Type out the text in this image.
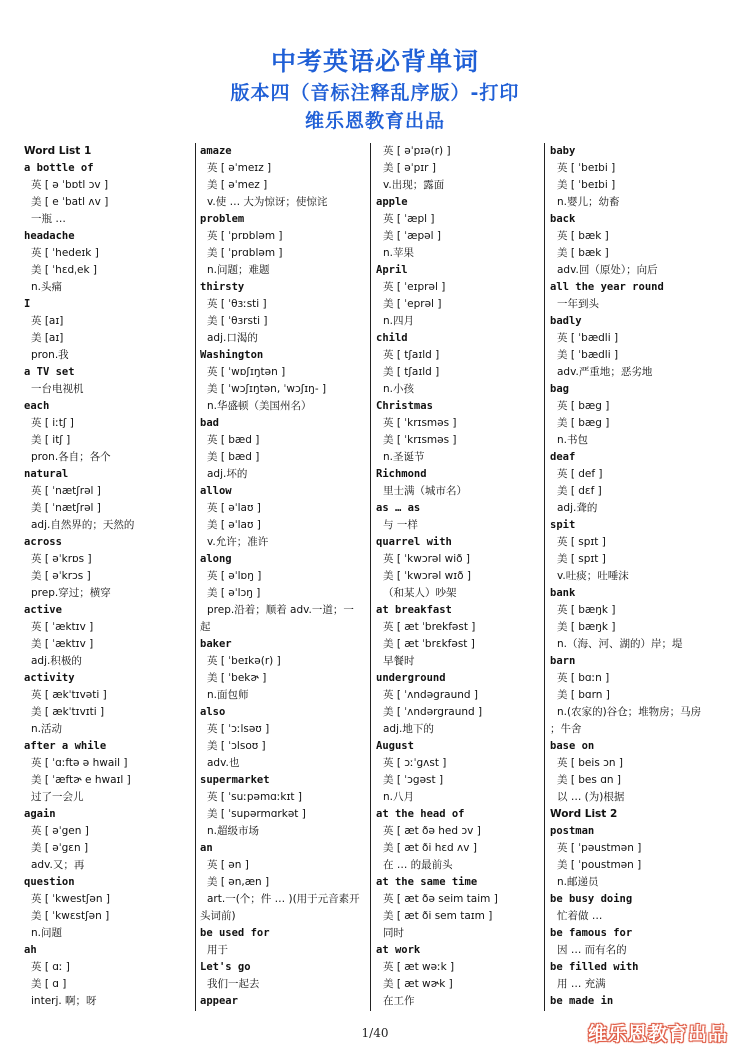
中考英语必背单词
版本四（音标注释乱序版）-打印
维乐恩教育出品
Word List 1
a bottle of
英 [ ə ˈbɒtl ɔv ]
美 [ e ˈbatl ʌv ]
一瓶 …
headache
英 [ ˈhedeɪk ]
美 [ ˈhɛdˌek ]
n.头痛
I
英 [aɪ]
美 [aɪ]
pron.我
a TV set
一台电视机
each
英 [ iːtʃ ]
美 [ itʃ ]
pron.各自；各个
natural
英 [ ˈnætʃrəl ]
美 [ ˈnætʃrəl ]
adj.自然界的；天然的
across
英 [ əˈkrɒs ]
美 [ əˈkrɔs ]
prep.穿过；横穿
active
英 [ ˈæktɪv ]
美 [ ˈæktɪv ]
adj.积极的
activity
英 [ ækˈtɪvəti ]
美 [ ækˈtɪvɪti ]
n.活动
after a while
英 [ ˈɑːftə ə hwail ]
美 [ ˈæftɚ e hwaɪl ]
过了一会儿
again
英 [ əˈgen ]
美 [ əˈgɛn ]
adv.又；再
question
英 [ ˈkwestʃən ]
美 [ ˈkwɛstʃən ]
n.问题
ah
英 [ ɑː ]
美 [ ɑ ]
interj. 啊；呀
amaze
英 [ əˈmeɪz ]
美 [ əˈmez ]
v.使 … 大为惊讶；使惊诧
problem
英 [ ˈprɒbləm ]
美 [ ˈprɑbləm ]
n.问题；难题
thirsty
英 [ ˈθɜːsti ]
美 [ ˈθɜrsti ]
adj.口渴的
Washington
英 [ ˈwɒʃɪŋtən ]
美 [ ˈwɔʃɪŋtən, ˈwɔʃɪŋ- ]
n.华盛顿（美国州名）
bad
英 [ bæd ]
美 [ bæd ]
adj.坏的
allow
英 [ əˈlaʊ ]
美 [ əˈlaʊ ]
v.允许；准许
along
英 [ əˈlɒŋ ]
美 [ əˈlɔŋ ]
prep.沿着；顺着 adv.一道；一
起
baker
英 [ ˈbeɪkə(r) ]
美 [ ˈbekɚ ]
n.面包师
also
英 [ ˈɔːlsəʊ ]
美 [ ˈɔlsoʊ ]
adv.也
supermarket
英 [ ˈsuːpəmɑːkɪt ]
美 [ ˈsupərmɑrkət ]
n.超级市场
an
英 [ ən ]
美 [ ən,æn ]
art.一(个；件 … )(用于元音素开
头词前)
be used for
用于
Let's go
我们一起去
appear
英 [ əˈpɪə(r) ]
美 [ əˈpɪr ]
v.出现；露面
apple
英 [ ˈæpl ]
美 [ ˈæpəl ]
n.苹果
April
英 [ ˈeɪprəl ]
美 [ ˈeprəl ]
n.四月
child
英 [ tʃaɪld ]
美 [ tʃaɪld ]
n.小孩
Christmas
英 [ ˈkrɪsməs ]
美 [ ˈkrɪsməs ]
n.圣诞节
Richmond
里士满（城市名）
as … as
与 一样
quarrel with
英 [ ˈkwɔrəl wið ]
美 [ ˈkwɔrəl wɪð ]
（和某人）吵架
at breakfast
英 [ æt ˈbrekfəst ]
美 [ æt ˈbrɛkfəst ]
早餐时
underground
英 [ ˈʌndəgraund ]
美 [ ˈʌndərgraund ]
adj.地下的
August
英 [ ɔːˈgʌst ]
美 [ ˈɔgəst ]
n.八月
at the head of
英 [ æt ðə hed ɔv ]
美 [ æt ði hɛd ʌv ]
在 … 的最前头
at the same time
英 [ æt ðə seim taim ]
美 [ æt ði sem taɪm ]
同时
at work
英 [ æt wəːk ]
美 [ æt wɚk ]
在工作
baby
英 [ ˈbeɪbi ]
美 [ ˈbeɪbi ]
n.婴儿；幼畜
back
英 [ bæk ]
美 [ bæk ]
adv.回（原处）；向后
all the year round
一年到头
badly
英 [ ˈbædli ]
美 [ ˈbædli ]
adv.严重地；恶劣地
bag
英 [ bæg ]
美 [ bæg ]
n.书包
deaf
英 [ def ]
美 [ dɛf ]
adj.聋的
spit
英 [ spɪt ]
美 [ spɪt ]
v.吐痰；吐唾沫
bank
英 [ bæŋk ]
美 [ bæŋk ]
n.（海、河、湖的）岸；堤
barn
英 [ bɑːn ]
美 [ bɑrn ]
n.(农家的)谷仓；堆物房；马房
；牛舍
base on
英 [ beis ɔn ]
美 [ bes ɑn ]
以 … (为)根据
Word List 2
postman
英 [ ˈpəustmən ]
美 [ ˈpoustmən ]
n.邮递员
be busy doing
忙着做 …
be famous for
因 … 而有名的
be filled with
用 … 充满
be made in
1/40	维乐恩教育出品
